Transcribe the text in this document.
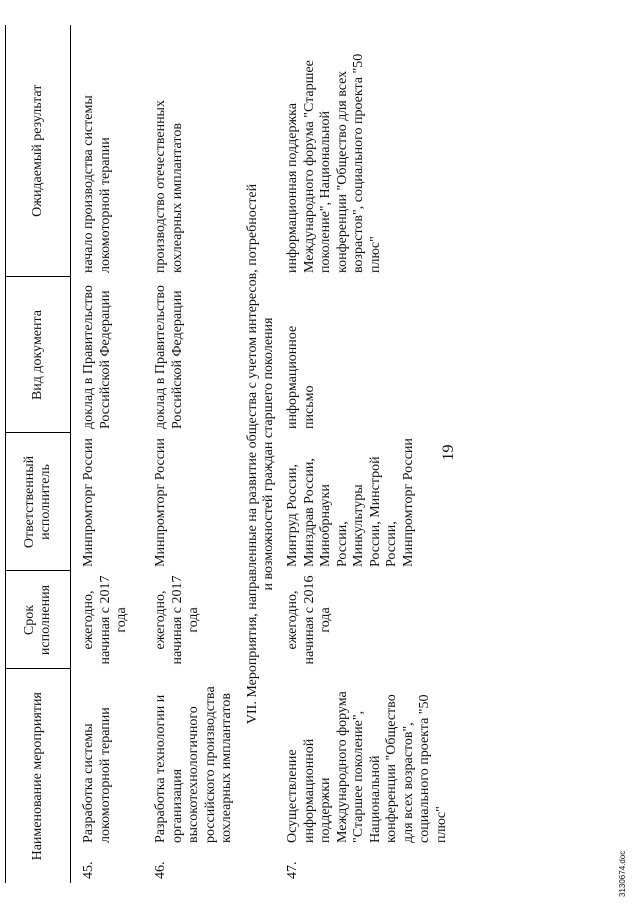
Наименование мероприятия		Срок исполнения	Ответственный исполнитель	Вид документа	Ожидаемый результат
45.	Разработка системы локомоторной терапии	ежегодно, начиная с 2017 года	Минпромторг России	доклад в Правительство Российской Федерации	начало производства системы локомоторной терапии
46.	Разработка технологии и организация высокотехнологичного российского производства кохлеарных имплантатов	ежегодно, начиная с 2017 года	Минпромторг России	доклад в Правительство Российской Федерации	производство отечественных кохлеарных имплантатов

VII. Мероприятия, направленные на развитие общества с учетом интересов, потребностей и возможностей граждан старшего поколения					

47.	Осуществление информационной поддержки Международного форума "Старшее поколение", Национальной конференции "Общество для всех возрастов", социального проекта "50 плюс"	ежегодно, начиная с 2016 года	Минтруд России, Минздрав России, Минобрнауки России, Минкультуры России, Минстрой России, Минпромторг России	информационное письмо	информационная поддержка Международного форума "Старшее поколение", Национальной конференции "Общество для всех возрастов", социального проекта "50 плюс"
19
3130674.doc
